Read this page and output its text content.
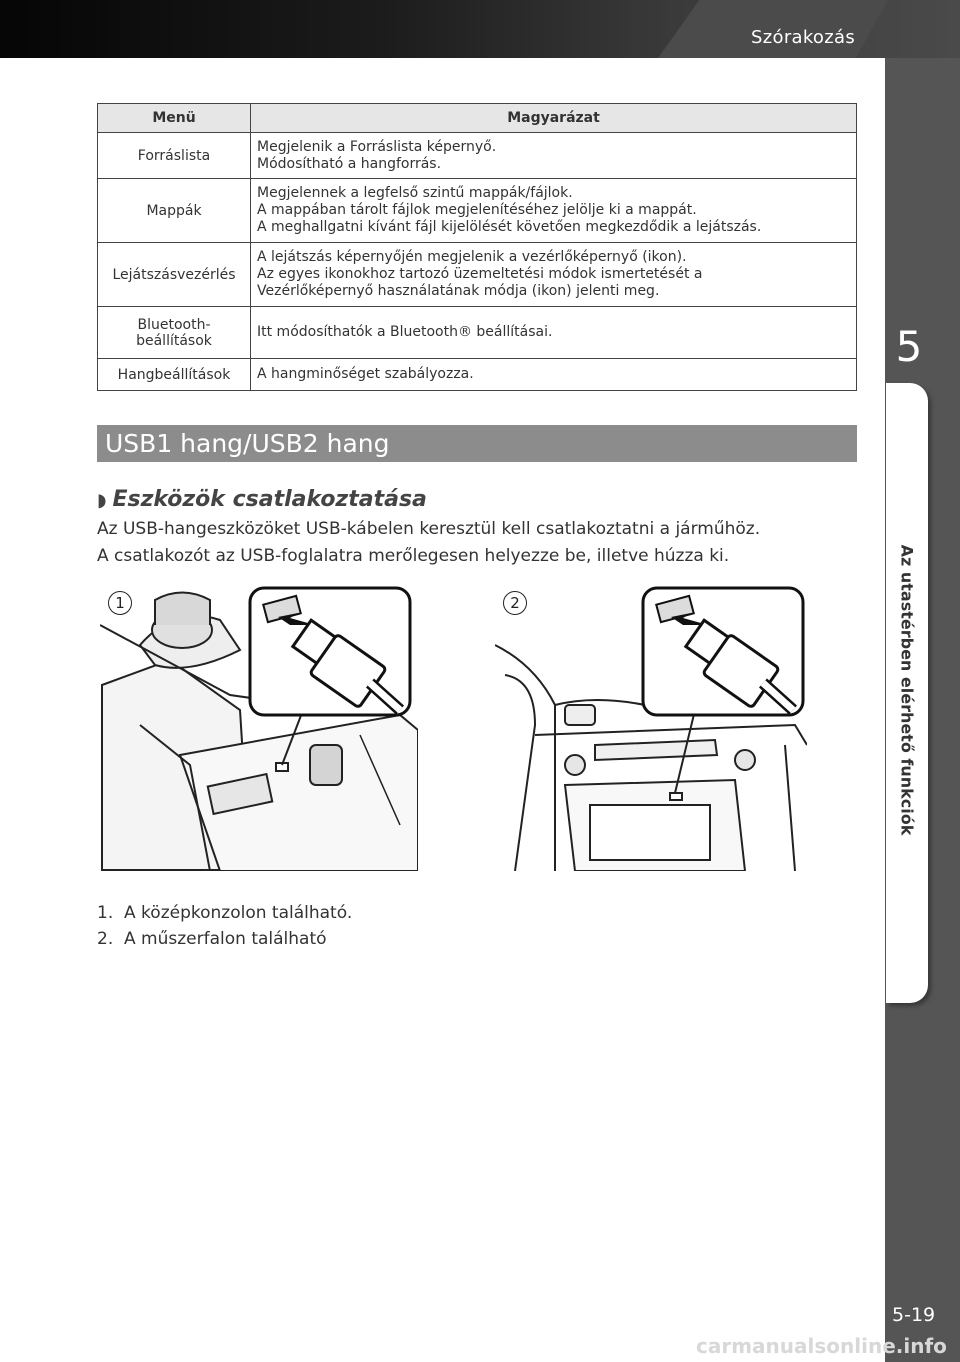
Szórakozás
5
Az utastérben elérhető funkciók
5-19
carmanualsonline.info
Menü	Magyarázat
Forráslista	Megjelenik a Forráslista képernyő.
Módosítható a hangforrás.

Mappák	Megjelennek a legfelső szintű mappák/fájlok.
A mappában tárolt fájlok megjelenítéséhez jelölje ki a mappát.
A meghallgatni kívánt fájl kijelölését követően megkezdődik a lejátszás.

Lejátszásvezérlés	A lejátszás képernyőjén megjelenik a vezérlőképernyő (ikon).
Az egyes ikonokhoz tartozó üzemeltetési módok ismertetését a
Vezérlőképernyő használatának módja (ikon) jelenti meg.

Bluetooth-
beállítások	Itt módosíthatók a Bluetooth® beállításai.

Hangbeállítások	A hangminőséget szabályozza.
USB1 hang/USB2 hang
◗ Eszközök csatlakoztatása
Az USB-hangeszközöket USB-kábelen keresztül kell csatlakoztatni a járműhöz.
A csatlakozót az USB-foglalatra merőlegesen helyezze be, illetve húzza ki.
1	2
1.  A középkonzolon található.
2.  A műszerfalon található
